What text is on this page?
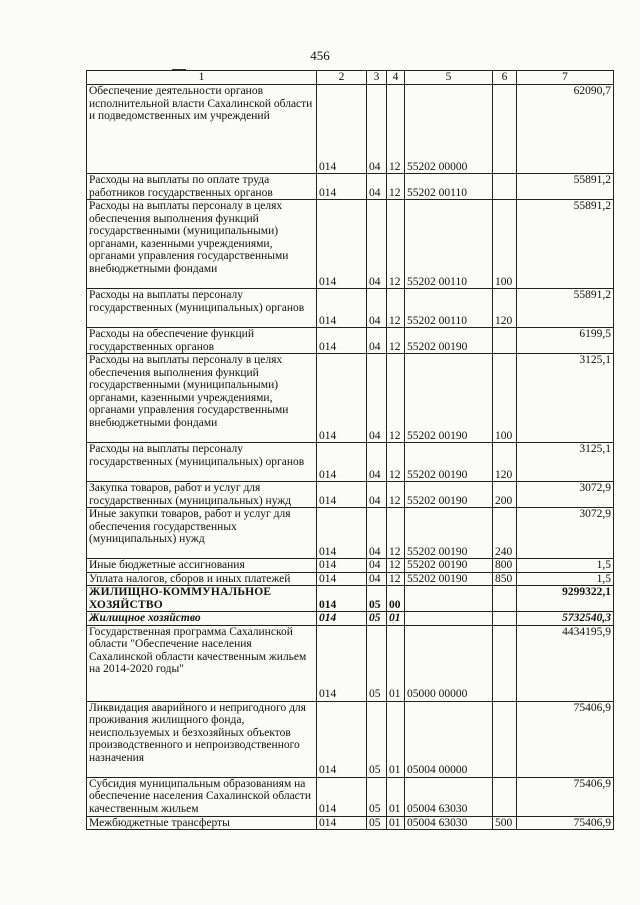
456
1	2	3	4	5	6	7
Обеспечение деятельности органов исполнительной власти Сахалинской области и подведомственных им учреждений	014	04	12	55202 00000		62090,7
Расходы на выплаты по оплате труда работников государственных органов	014	04	12	55202 00110		55891,2
Расходы на выплаты персоналу в целях обеспечения выполнения функций государственными (муниципальными) органами, казенными учреждениями, органами управления государственными внебюджетными фондами	014	04	12	55202 00110	100	55891,2
Расходы на выплаты персоналу государственных (муниципальных) органов	014	04	12	55202 00110	120	55891,2
Расходы на обеспечение функций государственных органов	014	04	12	55202 00190		6199,5
Расходы на выплаты персоналу в целях обеспечения выполнения функций государственными (муниципальными) органами, казенными учреждениями, органами управления государственными внебюджетными фондами	014	04	12	55202 00190	100	3125,1
Расходы на выплаты персоналу государственных (муниципальных) органов	014	04	12	55202 00190	120	3125,1
Закупка товаров, работ и услуг для государственных (муниципальных) нужд	014	04	12	55202 00190	200	3072,9
Иные закупки товаров, работ и услуг для обеспечения государственных (муниципальных) нужд	014	04	12	55202 00190	240	3072,9
Иные бюджетные ассигнования	014	04	12	55202 00190	800	1,5
Уплата налогов, сборов и иных платежей	014	04	12	55202 00190	850	1,5
ЖИЛИЩНО-КОММУНАЛЬНОЕ ХОЗЯЙСТВО	014	05	00			9299322,1
Жилищное хозяйство	014	05	01			5732540,3
Государственная программа Сахалинской области "Обеспечение населения Сахалинской области качественным жильем на 2014-2020 годы"	014	05	01	05000 00000		4434195,9
Ликвидация аварийного и непригодного для проживания жилищного фонда, неиспользуемых и безхозяйных объектов производственного и непроизводственного назначения	014	05	01	05004 00000		75406,9
Субсидия муниципальным образованиям на обеспечение населения Сахалинской области качественным жильем	014	05	01	05004 63030		75406,9
Межбюджетные трансферты	014	05	01	05004 63030	500	75406,9
